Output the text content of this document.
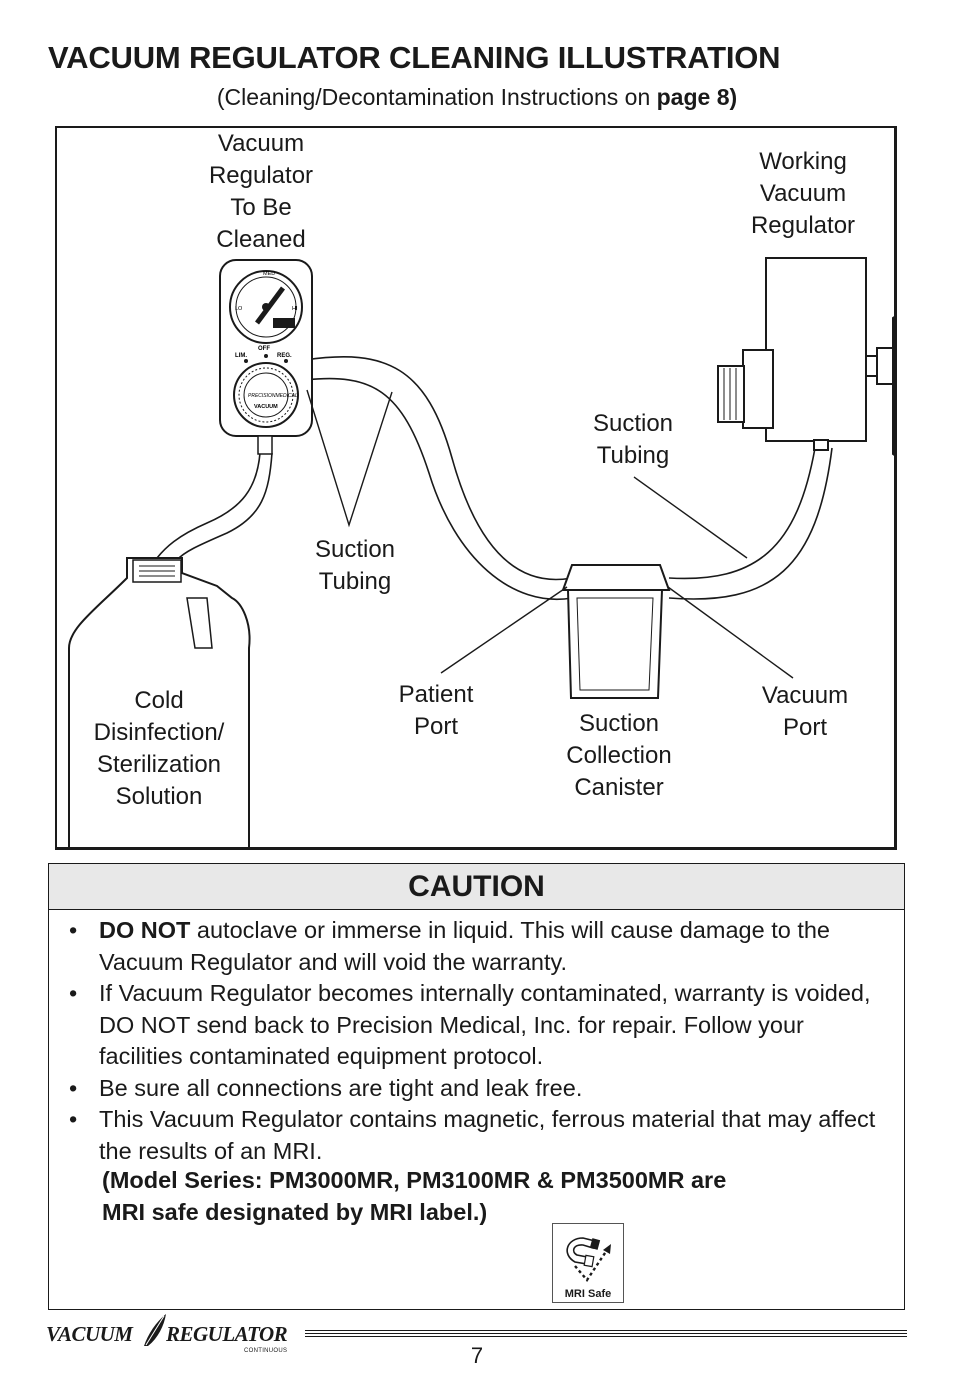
VACUUM REGULATOR CLEANING ILLUSTRATION
(Cleaning/Decontamination Instructions on page 8)
MED
LO	HI
OFF
LIM.	REG.
PRECISIONMEDICAL
VACUUM
Vacuum
Regulator
To Be
Cleaned
Working
Vacuum
Regulator
Suction
Tubing
Suction
Tubing
Patient
Port
Vacuum
Port
Suction
Collection
Canister
Cold
Disinfection/
Sterilization
Solution
CAUTION
• DO NOT autoclave or immerse in liquid. This will cause damage to the Vacuum Regulator and will void the warranty.
• If Vacuum Regulator becomes internally contaminated, warranty is voided, DO NOT send back to Precision Medical, Inc. for repair. Follow your facilities contaminated equipment protocol.
• Be sure all connections are tight and leak free.
• This Vacuum Regulator contains magnetic, ferrous material that may affect the results of an MRI.
(Model Series: PM3000MR, PM3100MR & PM3500MR are
MRI safe designated by MRI label.)
MRI Safe
VACUUM REGULATOR
CONTINUOUS	7
